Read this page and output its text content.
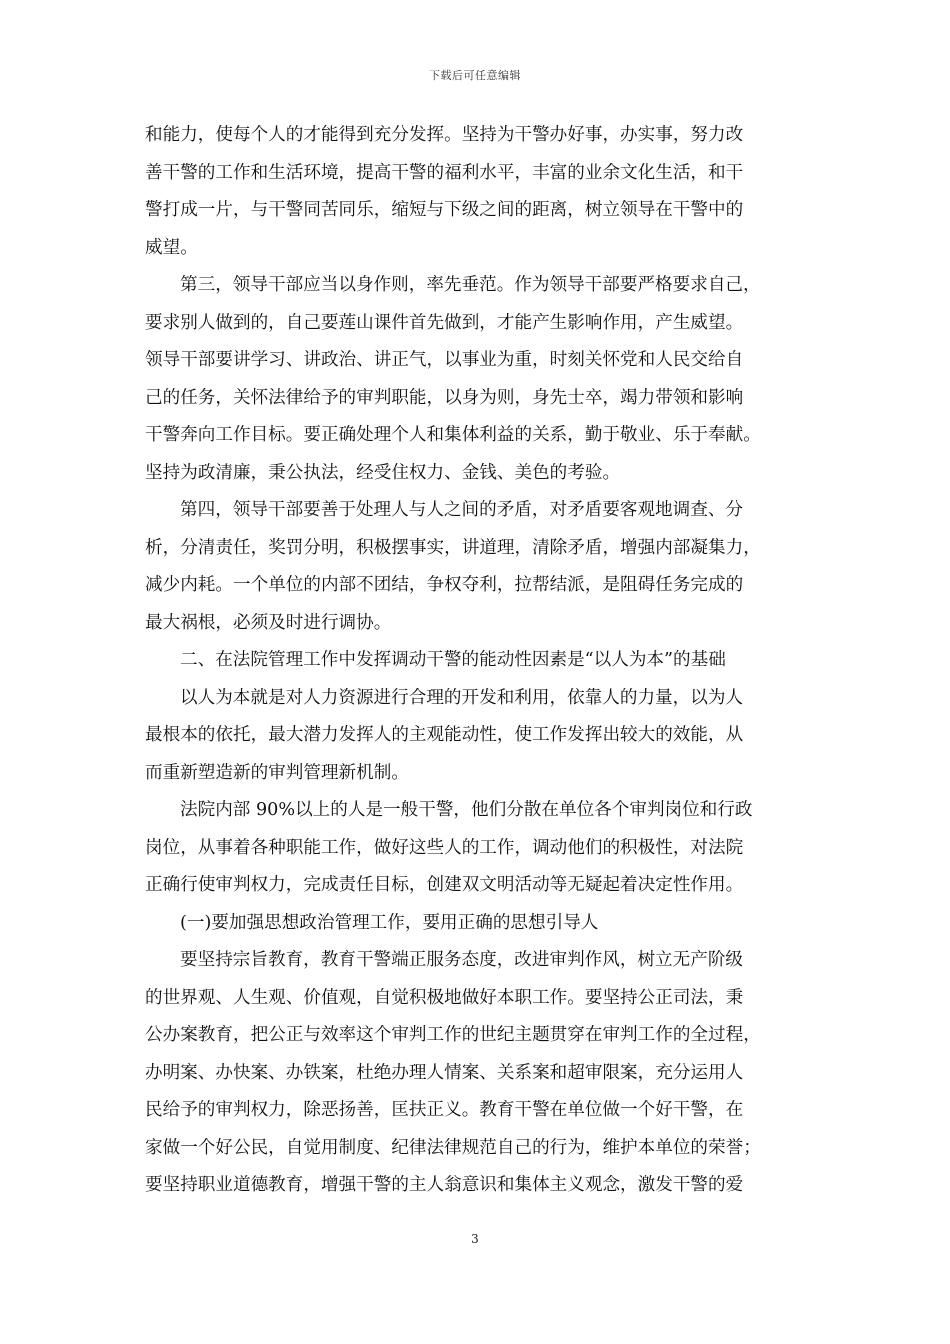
下载后可任意编辑
和能力，使每个人的才能得到充分发挥。坚持为干警办好事，办实事，努力改
善干警的工作和生活环境，提高干警的福利水平，丰富的业余文化生活，和干
警打成一片，与干警同苦同乐，缩短与下级之间的距离，树立领导在干警中的
威望。
第三，领导干部应当以身作则，率先垂范。作为领导干部要严格要求自己，
要求别人做到的，自己要莲山课件首先做到，才能产生影响作用，产生威望。
领导干部要讲学习、讲政治、讲正气，以事业为重，时刻关怀党和人民交给自
己的任务，关怀法律给予的审判职能，以身为则，身先士卒，竭力带领和影响
干警奔向工作目标。要正确处理个人和集体利益的关系，勤于敬业、乐于奉献。
坚持为政清廉，秉公执法，经受住权力、金钱、美色的考验。
第四，领导干部要善于处理人与人之间的矛盾，对矛盾要客观地调查、分
析，分清责任，奖罚分明，积极摆事实，讲道理，清除矛盾，增强内部凝集力，
减少内耗。一个单位的内部不团结，争权夺利，拉帮结派，是阻碍任务完成的
最大祸根，必须及时进行调协。
二、在法院管理工作中发挥调动干警的能动性因素是“以人为本”的基础
以人为本就是对人力资源进行合理的开发和利用，依靠人的力量，以为人
最根本的依托，最大潜力发挥人的主观能动性，使工作发挥出较大的效能，从
而重新塑造新的审判管理新机制。
法院内部 90%以上的人是一般干警，他们分散在单位各个审判岗位和行政
岗位，从事着各种职能工作，做好这些人的工作，调动他们的积极性，对法院
正确行使审判权力，完成责任目标，创建双文明活动等无疑起着决定性作用。
(一)要加强思想政治管理工作，要用正确的思想引导人
要坚持宗旨教育，教育干警端正服务态度，改进审判作风，树立无产阶级
的世界观、人生观、价值观，自觉积极地做好本职工作。要坚持公正司法，秉
公办案教育，把公正与效率这个审判工作的世纪主题贯穿在审判工作的全过程，
办明案、办快案、办铁案，杜绝办理人情案、关系案和超审限案，充分运用人
民给予的审判权力，除恶扬善，匡扶正义。教育干警在单位做一个好干警，在
家做一个好公民，自觉用制度、纪律法律规范自己的行为，维护本单位的荣誉；
要坚持职业道德教育，增强干警的主人翁意识和集体主义观念，激发干警的爱
3
